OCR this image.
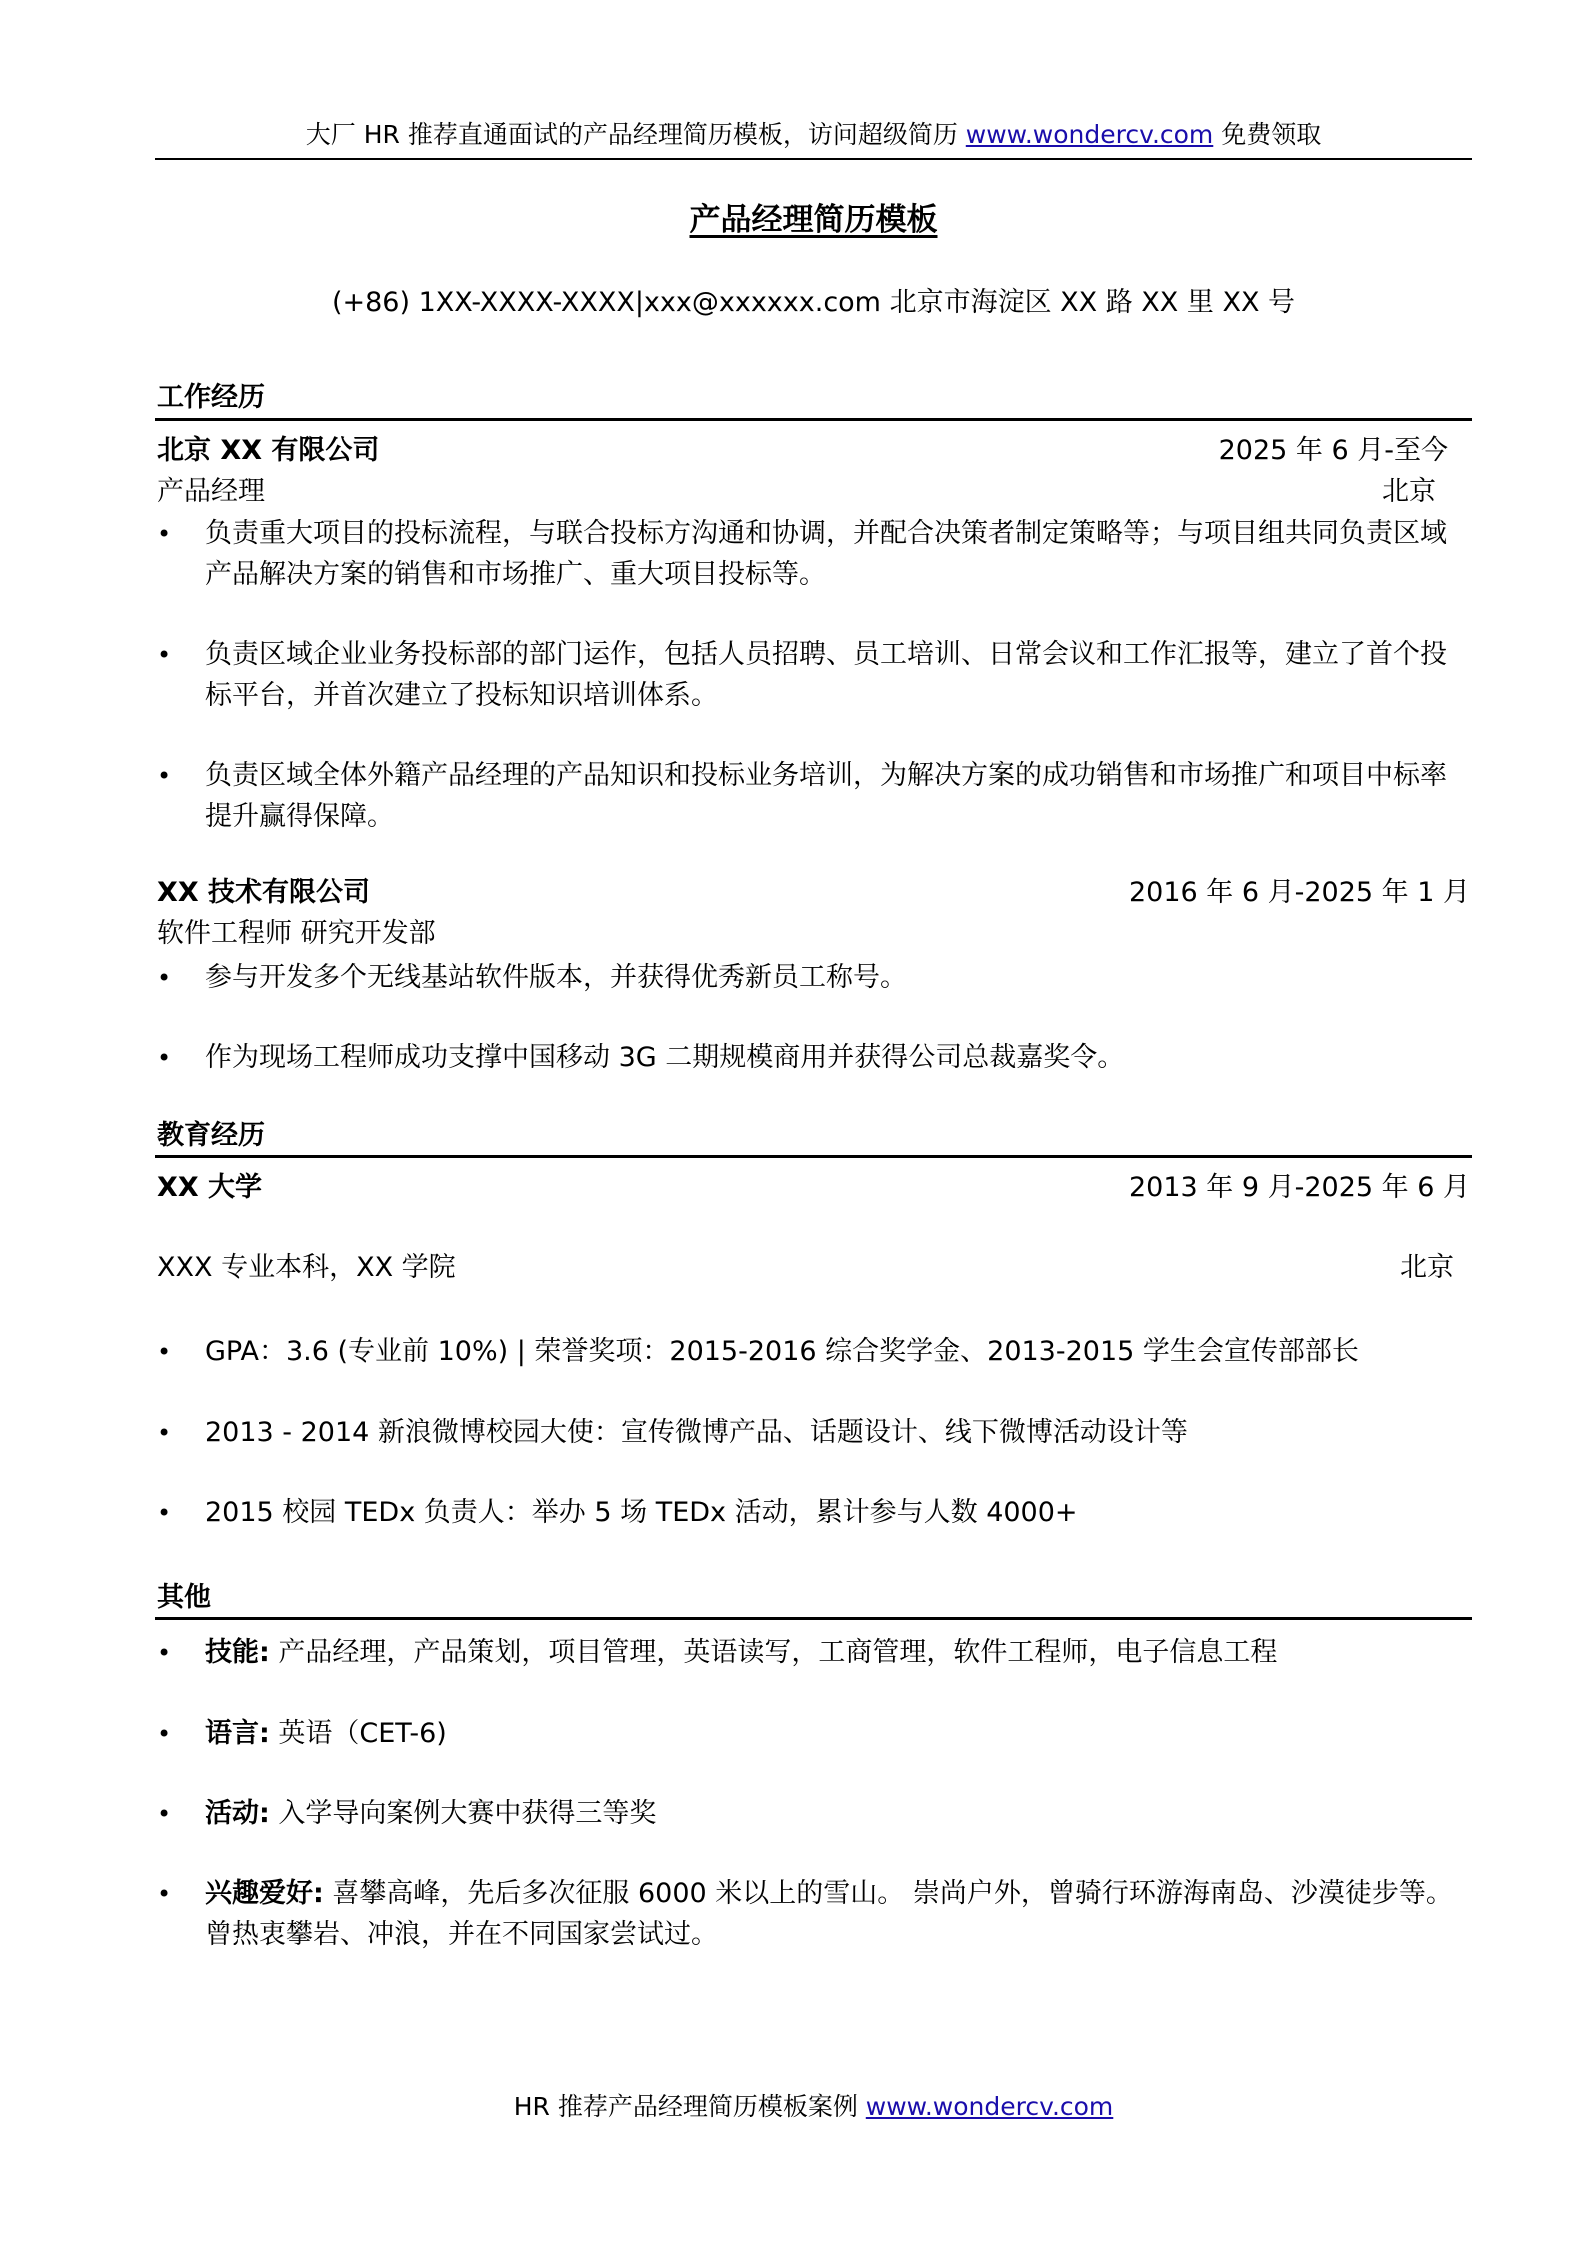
大厂 HR 推荐直通面试的产品经理简历模板，访问超级简历 www.wondercv.com 免费领取
产品经理简历模板
(+86) 1XX-XXXX-XXXX|xxx@xxxxxx.com 北京市海淀区 XX 路 XX 里 XX 号
工作经历
北京 XX 有限公司	2025 年 6 月-至今
产品经理	北京
• 负责重大项目的投标流程，与联合投标方沟通和协调，并配合决策者制定策略等；与项目组共同负责区域产品解决方案的销售和市场推广、重大项目投标等。
• 负责区域企业业务投标部的部门运作，包括人员招聘、员工培训、日常会议和工作汇报等，建立了首个投标平台，并首次建立了投标知识培训体系。
• 负责区域全体外籍产品经理的产品知识和投标业务培训，为解决方案的成功销售和市场推广和项目中标率提升赢得保障。
XX 技术有限公司	2016 年 6 月-2025 年 1 月
软件工程师 研究开发部
• 参与开发多个无线基站软件版本，并获得优秀新员工称号。
• 作为现场工程师成功支撑中国移动 3G 二期规模商用并获得公司总裁嘉奖令。
教育经历
XX 大学	2013 年 9 月-2025 年 6 月
XXX 专业本科，XX 学院	北京
• GPA：3.6 (专业前 10%) | 荣誉奖项：2015-2016 综合奖学金、2013-2015 学生会宣传部部长
• 2013 - 2014 新浪微博校园大使：宣传微博产品、话题设计、线下微博活动设计等
• 2015 校园 TEDx 负责人：举办 5 场 TEDx 活动，累计参与人数 4000+
其他
• 技能: 产品经理，产品策划，项目管理，英语读写，工商管理，软件工程师，电子信息工程
• 语言: 英语（CET-6)
• 活动: 入学导向案例大赛中获得三等奖
• 兴趣爱好: 喜攀高峰，先后多次征服 6000 米以上的雪山。 崇尚户外，曾骑行环游海南岛、沙漠徒步等。 曾热衷攀岩、冲浪，并在不同国家尝试过。
HR 推荐产品经理简历模板案例 www.wondercv.com
